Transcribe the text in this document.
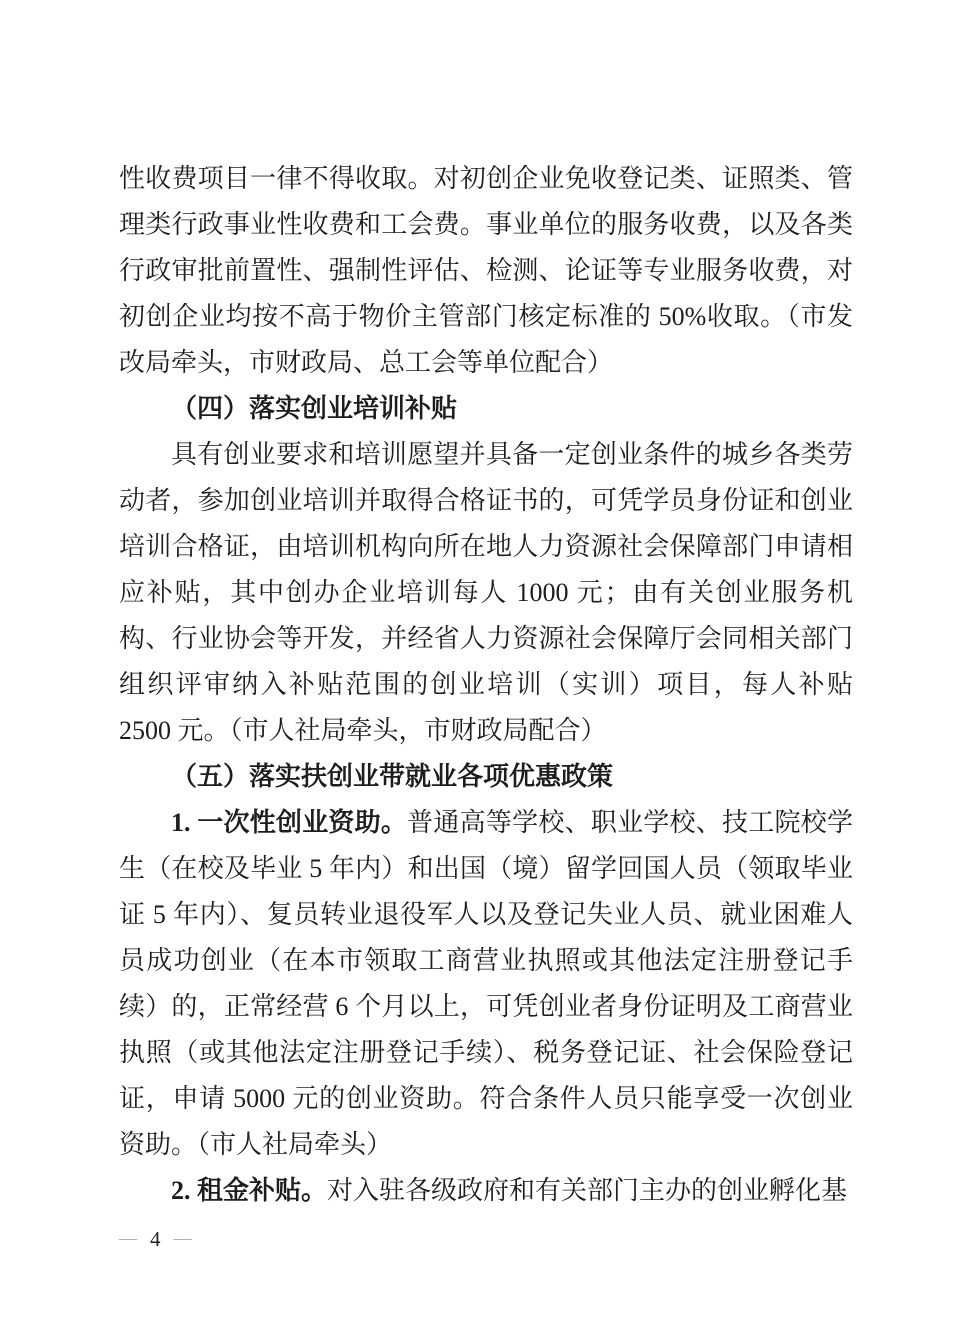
性收费项目一律不得收取。对初创企业免收登记类、证照类、管理类行政事业性收费和工会费。事业单位的服务收费，以及各类行政审批前置性、强制性评估、检测、论证等专业服务收费，对初创企业均按不高于物价主管部门核定标准的 50%收取。（市发改局牵头，市财政局、总工会等单位配合）

（四）落实创业培训补贴

具有创业要求和培训愿望并具备一定创业条件的城乡各类劳动者，参加创业培训并取得合格证书的，可凭学员身份证和创业培训合格证，由培训机构向所在地人力资源社会保障部门申请相应补贴，其中创办企业培训每人 1000 元；由有关创业服务机构、行业协会等开发，并经省人力资源社会保障厅会同相关部门组织评审纳入补贴范围的创业培训（实训）项目，每人补贴 2500 元。（市人社局牵头，市财政局配合）

（五）落实扶创业带就业各项优惠政策

1. 一次性创业资助。普通高等学校、职业学校、技工院校学生（在校及毕业 5 年内）和出国（境）留学回国人员（领取毕业证 5 年内）、复员转业退役军人以及登记失业人员、就业困难人员成功创业（在本市领取工商营业执照或其他法定注册登记手续）的，正常经营 6 个月以上，可凭创业者身份证明及工商营业执照（或其他法定注册登记手续）、税务登记证、社会保险登记证，申请 5000 元的创业资助。符合条件人员只能享受一次创业资助。（市人社局牵头）

2. 租金补贴。对入驻各级政府和有关部门主办的创业孵化基

— 4 —
